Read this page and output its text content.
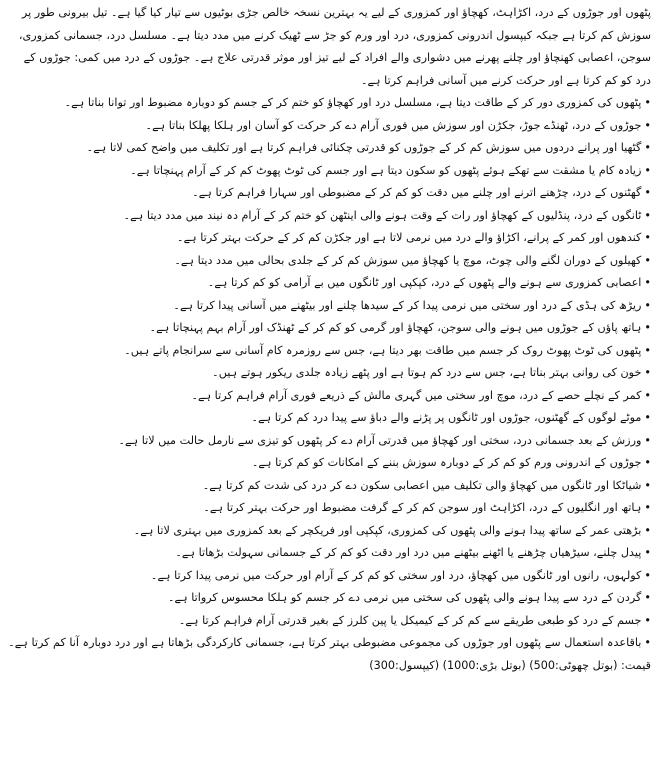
پٹھوں اور جوڑوں کے درد، اکڑاہٹ، کھچاؤ اور کمزوری کے لیے یہ بہترین نسخہ خالص جڑی بوٹیوں سے تیار کیا گیا ہے۔ تیل بیرونی طور پر سوزش کم کرتا ہے جبکہ کیپسول اندرونی کمزوری، درد اور ورم کو جڑ سے ٹھیک کرنے میں مدد دیتا ہے۔ مسلسل درد، جسمانی کمزوری، سوجن، اعصابی کھنچاؤ اور چلنے پھرنے میں دشواری والے افراد کے لیے تیز اور موثر قدرتی علاج ہے۔ جوڑوں کے درد میں کمی: جوڑوں کے درد کو کم کرتا ہے اور حرکت کرنے میں آسانی فراہم کرتا ہے۔

•پٹھوں کی کمزوری دور کر کے طاقت دیتا ہے، مسلسل درد اور کھچاؤ کو ختم کر کے جسم کو دوبارہ مضبوط اور توانا بناتا ہے۔

•جوڑوں کے درد، ٹھنڈے جوڑ، جکڑن اور سوزش میں فوری آرام دے کر حرکت کو آسان اور ہلکا پھلکا بناتا ہے۔

•گٹھیا اور پرانے دردوں میں سوزش کم کر کے جوڑوں کو قدرتی چکنائی فراہم کرتا ہے اور تکلیف میں واضح کمی لاتا ہے۔

•زیادہ کام یا مشقت سے تھکے ہوئے پٹھوں کو سکون دیتا ہے اور جسم کی ٹوٹ پھوٹ کم کر کے آرام پہنچاتا ہے۔

•گھٹنوں کے درد، چڑھنے اترنے اور چلنے میں دقت کو کم کر کے مضبوطی اور سہارا فراہم کرتا ہے۔

•ٹانگوں کے درد، پنڈلیوں کے کھچاؤ اور رات کے وقت ہونے والی اینٹھن کو ختم کر کے آرام دہ نیند میں مدد دیتا ہے۔

•کندھوں اور کمر کے پرانے، اکڑاؤ والے درد میں نرمی لاتا ہے اور جکڑن کم کر کے حرکت بہتر کرتا ہے۔

•کھیلوں کے دوران لگنے والی چوٹ، موچ یا کھچاؤ میں سوزش کم کر کے جلدی بحالی میں مدد دیتا ہے۔

•اعصابی کمزوری سے ہونے والے پٹھوں کے درد، کپکپی اور ٹانگوں میں بے آرامی کو کم کرتا ہے۔

•ریڑھ کی ہڈی کے درد اور سختی میں نرمی پیدا کر کے سیدھا چلنے اور بیٹھنے میں آسانی پیدا کرتا ہے۔

•ہاتھ پاؤں کے جوڑوں میں ہونے والی سوجن، کھچاؤ اور گرمی کو کم کر کے ٹھنڈک اور آرام بہم پہنچاتا ہے۔

•پٹھوں کی ٹوٹ پھوٹ روک کر جسم میں طاقت بھر دیتا ہے، جس سے روزمرہ کام آسانی سے سرانجام پاتے ہیں۔

•خون کی روانی بہتر بناتا ہے، جس سے درد کم ہوتا ہے اور پٹھے زیادہ جلدی ریکور ہوتے ہیں۔

•کمر کے نچلے حصے کے درد، موچ اور سختی میں گہری مالش کے ذریعے فوری آرام فراہم کرتا ہے۔

•موٹے لوگوں کے گھٹنوں، جوڑوں اور ٹانگوں پر پڑنے والے دباؤ سے پیدا درد کم کرتا ہے۔

•ورزش کے بعد جسمانی درد، سختی اور کھچاؤ میں قدرتی آرام دے کر پٹھوں کو تیزی سے نارمل حالت میں لاتا ہے۔

•جوڑوں کے اندرونی ورم کو کم کر کے دوبارہ سوزش بننے کے امکانات کو کم کرتا ہے۔

•شیاٹکا اور ٹانگوں میں کھچاؤ والی تکلیف میں اعصابی سکون دے کر درد کی شدت کم کرتا ہے۔

•ہاتھ اور انگلیوں کے درد، اکڑاہٹ اور سوجن کم کر کے گرفت مضبوط اور حرکت بہتر کرتا ہے۔

•بڑھتی عمر کے ساتھ پیدا ہونے والی پٹھوں کی کمزوری، کپکپی اور فریکچر کے بعد کمزوری میں بہتری لاتا ہے۔

•پیدل چلنے، سیڑھیاں چڑھنے یا اٹھنے بیٹھنے میں درد اور دقت کو کم کر کے جسمانی سہولت بڑھاتا ہے۔

•کولہوں، رانوں اور ٹانگوں میں کھچاؤ، درد اور سختی کو کم کر کے آرام اور حرکت میں نرمی پیدا کرتا ہے۔

•گردن کے درد سے پیدا ہونے والی پٹھوں کی سختی میں نرمی دے کر جسم کو ہلکا محسوس کرواتا ہے۔

•جسم کے درد کو طبعی طریقے سے کم کر کے کیمیکل یا پین کلرز کے بغیر قدرتی آرام فراہم کرتا ہے۔

•باقاعدہ استعمال سے پٹھوں اور جوڑوں کی مجموعی مضبوطی بہتر کرتا ہے، جسمانی کارکردگی بڑھاتا ہے اور درد دوبارہ آنا کم کرتا ہے۔

قیمت: (بوتل چھوٹی:500) (بوتل بڑی:1000) (کیپسول:300)
